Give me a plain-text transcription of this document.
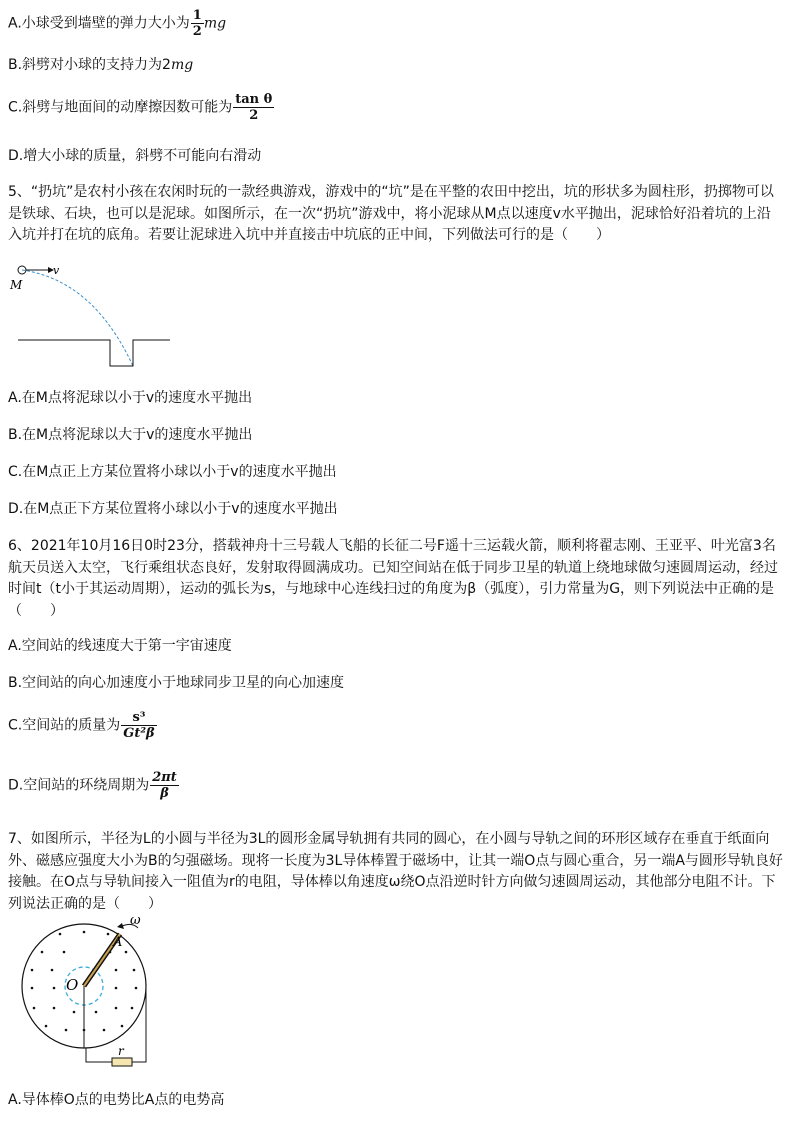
A.小球受到墙壁的弹力大小为 $\frac{1}{2}$ mg
B.斜劈对小球的支持力为2mg
C.斜劈与地面间的动摩擦因数可能为 $\frac{\text{tan θ}}{2}$
D.增大小球的质量，斜劈不可能向右滑动
5、“扔坑”是农村小孩在农闲时玩的一款经典游戏，游戏中的“坑”是在平整的农田中挖出，坑的形状多为圆柱形，扔掷物可以是铁球、石块，也可以是泥球。如图所示，在一次“扔坑”游戏中，将小泥球从M点以速度v水平抛出，泥球恰好沿着坑的上沿入坑并打在坑的底角。若要让泥球进入坑中并直接击中坑底的正中间，下列做法可行的是（　　）
v
M
A.在M点将泥球以小于v的速度水平抛出
B.在M点将泥球以大于v的速度水平抛出
C.在M点正上方某位置将小球以小于v的速度水平抛出
D.在M点正下方某位置将小球以小于v的速度水平抛出
6、2021年10月16日0时23分，搭载神舟十三号载人飞船的长征二号F遥十三运载火箭，顺利将翟志刚、王亚平、叶光富3名航天员送入太空，飞行乘组状态良好，发射取得圆满成功。已知空间站在低于同步卫星的轨道上绕地球做匀速圆周运动，经过时间t（t小于其运动周期），运动的弧长为s，与地球中心连线扫过的角度为β（弧度），引力常量为G，则下列说法中正确的是（　　）
A.空间站的线速度大于第一宇宙速度
B.空间站的向心加速度小于地球同步卫星的向心加速度
C.空间站的质量为 $\frac{\text{s³}}{\text{Gt²β}}$
D.空间站的环绕周期为 $\frac{2\pi t}{\beta}$
7、如图所示，半径为L的小圆与半径为3L的圆形金属导轨拥有共同的圆心，在小圆与导轨之间的环形区域存在垂直于纸面向外、磁感应强度大小为B的匀强磁场。现将一长度为3L导体棒置于磁场中，让其一端O点与圆心重合，另一端A与圆形导轨良好接触。在O点与导轨间接入一阻值为r的电阻，导体棒以角速度ω绕O点沿逆时针方向做匀速圆周运动，其他部分电阻不计。下列说法正确的是（　　）
ω
A
O
r
A.导体棒O点的电势比A点的电势高
